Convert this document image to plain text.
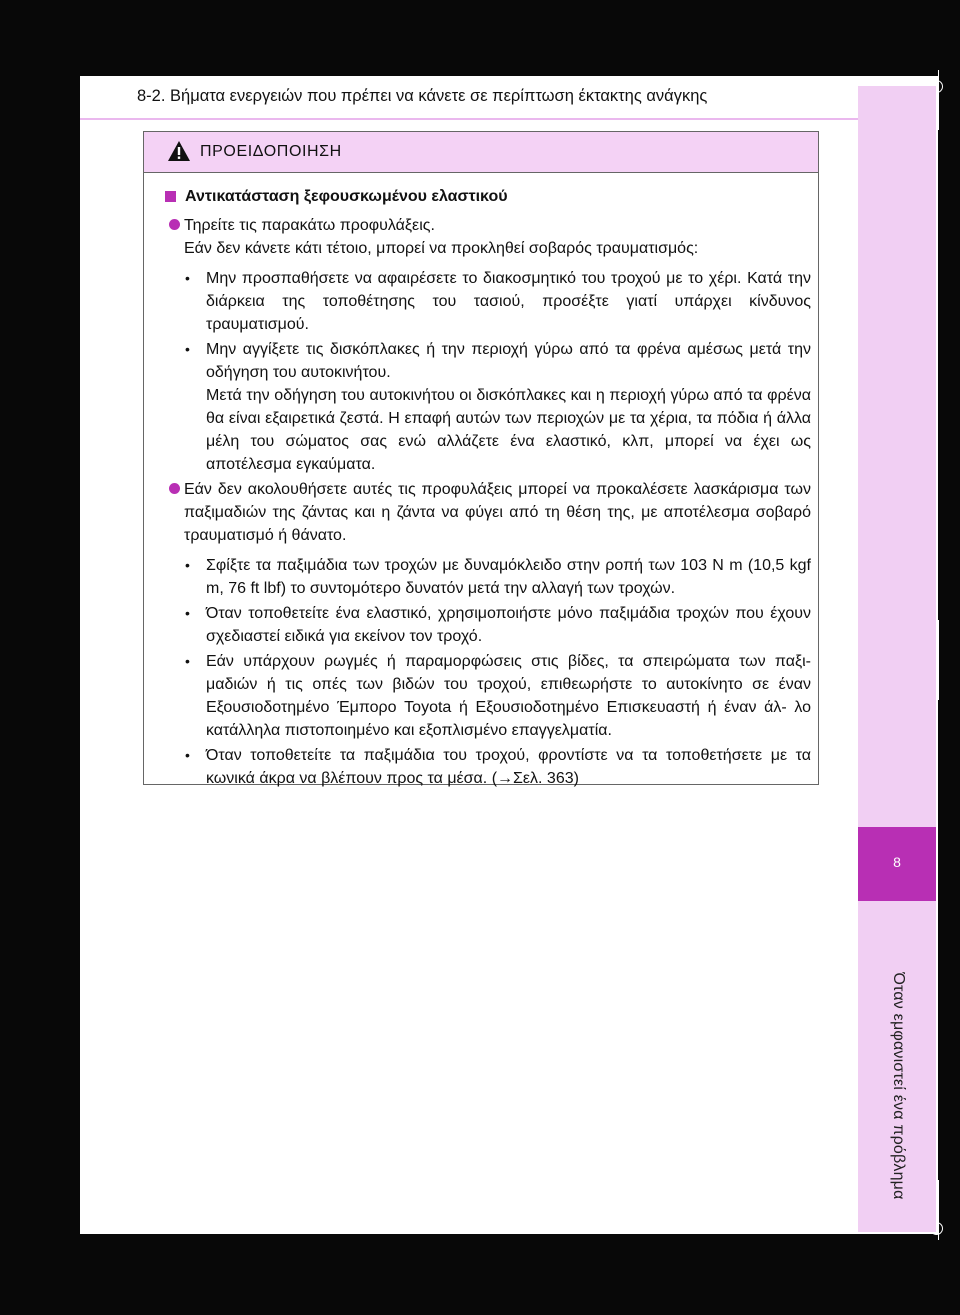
8-2. Βήματα ενεργειών που πρέπει να κάνετε σε περίπτωση έκτακτης ανάγκης
8
Όταν εμφανιστεί ένα πρόβλημα
ΠΡΟΕΙΔΟΠΟΙΗΣΗ
Αντικατάσταση ξεφουσκωμένου ελαστικού
Τηρείτε τις παρακάτω προφυλάξεις.
Εάν δεν κάνετε κάτι τέτοιο, μπορεί να προκληθεί σοβαρός τραυματισμός:
• Μην προσπαθήσετε να αφαιρέσετε το διακοσμητικό του τροχού με το χέρι. Κατά την διάρκεια της τοποθέτησης του τασιού, προσέξτε γιατί υπάρχει κίνδυνος τραυματισμού.
• Μην αγγίξετε τις δισκόπλακες ή την περιοχή γύρω από τα φρένα αμέσως μετά την οδήγηση του αυτοκινήτου.
Μετά την οδήγηση του αυτοκινήτου οι δισκόπλακες και η περιοχή γύρω από τα φρένα θα είναι εξαιρετικά ζεστά. Η επαφή αυτών των περιοχών με τα χέρια, τα πόδια ή άλλα μέλη του σώματος σας ενώ αλλάζετε ένα ελαστικό, κλπ, μπορεί να έχει ως αποτέλεσμα εγκαύματα.
Εάν δεν ακολουθήσετε αυτές τις προφυλάξεις μπορεί να προκαλέσετε λασκάρισμα των παξιμαδιών της ζάντας και η ζάντα να φύγει από τη θέση της, με αποτέλεσμα σοβαρό τραυματισμό ή θάνατο.
• Σφίξτε τα παξιμάδια των τροχών με δυναμόκλειδο στην ροπή των 103 N m (10,5 kgf m, 76 ft lbf) το συντομότερο δυνατόν μετά την αλλαγή των τροχών.
• Όταν τοποθετείτε ένα ελαστικό, χρησιμοποιήστε μόνο παξιμάδια τροχών που έχουν σχεδιαστεί ειδικά για εκείνον τον τροχό.
• Εάν υπάρχουν ρωγμές ή παραμορφώσεις στις βίδες, τα σπειρώματα των παξι- μαδιών ή τις οπές των βιδών του τροχού, επιθεωρήστε το αυτοκίνητο σε έναν Εξουσιοδοτημένο Έμπορο Toyota ή Εξουσιοδοτημένο Επισκευαστή ή έναν άλ- λο κατάλληλα πιστοποιημένο και εξοπλισμένο επαγγελματία.
• Όταν τοποθετείτε τα παξιμάδια του τροχού, φροντίστε να τα τοποθετήσετε με τα κωνικά άκρα να βλέπουν προς τα μέσα. (→Σελ. 363)
